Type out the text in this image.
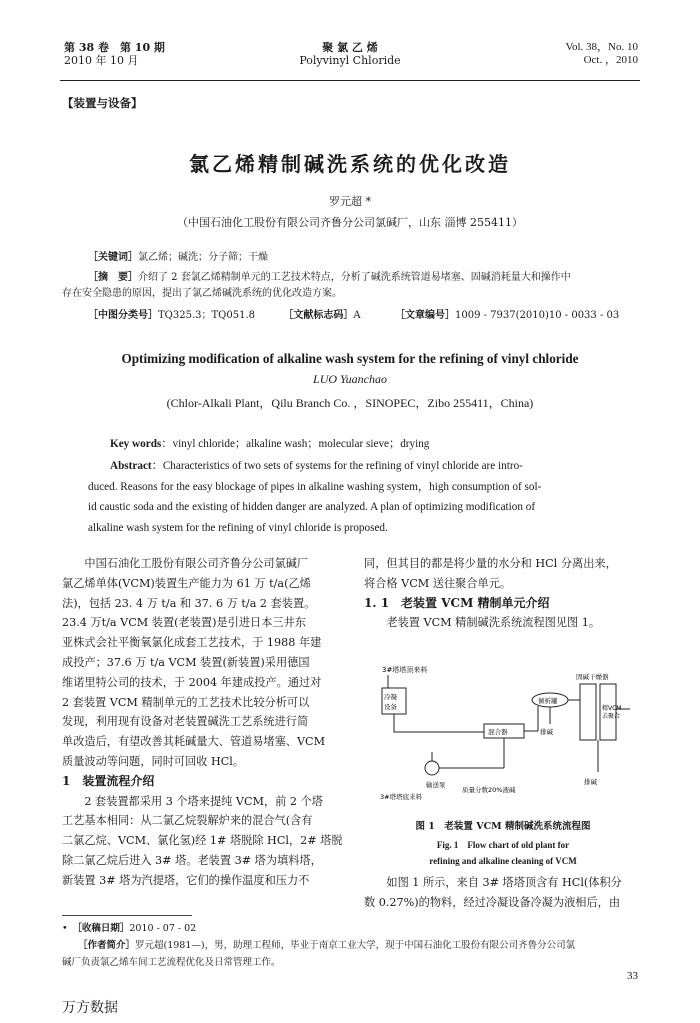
第 38 卷　第 10 期
2010 年 10 月
聚 氯 乙 烯
Polyvinyl Chloride
Vol. 38，No. 10
Oct. ，2010
【装置与设备】
氯乙烯精制碱洗系统的优化改造
罗元超 *
（中国石油化工股份有限公司齐鲁分公司氯碱厂，山东 淄博 255411）
［关键词］氯乙烯；碱洗；分子筛；干燥
［摘　要］介绍了 2 套氯乙烯精制单元的工艺技术特点，分析了碱洗系统管道易堵塞、固碱消耗量大和操作中
存在安全隐患的原因，提出了氯乙烯碱洗系统的优化改造方案。
［中图分类号］TQ325.3；TQ051.8	［文献标志码］A	［文章编号］1009 - 7937(2010)10 - 0033 - 03
Optimizing modification of alkaline wash system for the refining of vinyl chloride
LUO Yuanchao
(Chlor-Alkali Plant，Qilu Branch Co. ，SINOPEC，Zibo 255411，China)
Key words：vinyl chloride；alkaline wash；molecular sieve；drying
Abstract：Characteristics of two sets of systems for the refining of vinyl chloride are intro-
duced. Reasons for the easy blockage of pipes in alkaline washing system，high consumption of sol-
id caustic soda and the existing of hidden danger are analyzed. A plan of optimizing modification of
alkaline wash system for the refining of vinyl chloride is proposed.
　　中国石油化工股份有限公司齐鲁分公司氯碱厂
氯乙烯单体(VCM)装置生产能力为 61 万 t/a(乙烯
法)，包括 23. 4 万 t/a 和 37. 6 万 t/a 2 套装置。
23.4 万t/a VCM 装置(老装置)是引进日本三井东
亚株式会社平衡氧氯化成套工艺技术，于 1988 年建
成投产；37.6 万 t/a VCM 装置(新装置)采用德国
维诺里特公司的技术，于 2004 年建成投产。通过对
2 套装置 VCM 精制单元的工艺技术比较分析可以
发现，利用现有设备对老装置碱洗工艺系统进行简
单改造后，有望改善其耗碱量大、管道易堵塞、VCM
质量波动等问题，同时可回收 HCl。
1　装置流程介绍
　　2 套装置都采用 3 个塔来提纯 VCM，前 2 个塔
工艺基本相同：从二氯乙烷裂解炉来的混合气(含有
二氯乙烷、VCM、氯化氢)经 1# 塔脱除 HCl，2# 塔脱
除二氯乙烷后进入 3# 塔。老装置 3# 塔为填料塔，
新装置 3# 塔为汽提塔，它们的操作温度和压力不
同，但其目的都是将少量的水分和 HCl 分离出来，
将合格 VCM 送往聚合单元。
1. 1　老装置 VCM 精制单元介绍
　　老装置 VCM 精制碱洗系统流程图见图 1。
3#塔塔顶来料
冷凝
设备
混合器
倾析罐
排碱
固碱干燥器
精VCM
去聚合
排碱
输送泵
3#塔塔底来料
质量分数20%液碱
图 1　老装置 VCM 精制碱洗系统流程图
Fig. 1　Flow chart of old plant for
refining and alkaline cleaning of VCM
　　如图 1 所示，来自 3# 塔塔顶含有 HCl(体积分
数 0.27%)的物料，经过冷凝设备冷凝为液相后，由
•　［收稿日期］2010 - 07 - 02
［作者简介］罗元超(1981—)，男，助理工程师，毕业于南京工业大学，现于中国石油化工股份有限公司齐鲁分公司氯
碱厂负责氯乙烯车间工艺流程优化及日常管理工作。
33
万方数据
